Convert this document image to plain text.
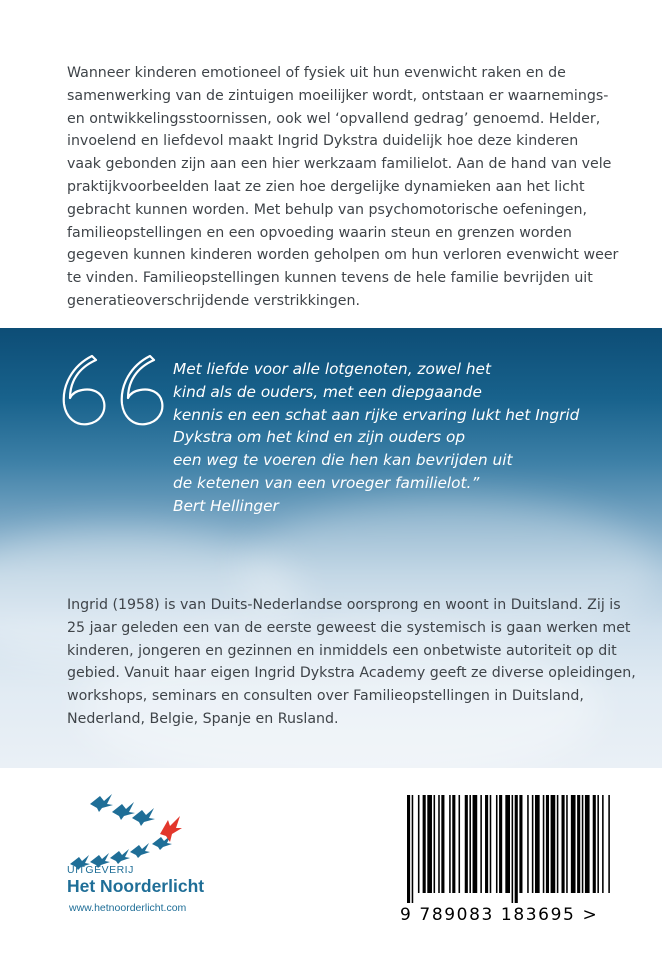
Wanneer kinderen emotioneel of fysiek uit hun evenwicht raken en de
samenwerking van de zintuigen moeilijker wordt, ontstaan er waarnemings-
en ontwikkelingsstoornissen, ook wel ‘opvallend gedrag’ genoemd. Helder,
invoelend en liefdevol maakt Ingrid Dykstra duidelijk hoe deze kinderen
vaak gebonden zijn aan een hier werkzaam familielot. Aan de hand van vele
praktijkvoorbeelden laat ze zien hoe dergelijke dynamieken aan het licht
gebracht kunnen worden. Met behulp van psychomotorische oefeningen,
familieopstellingen en een opvoeding waarin steun en grenzen worden
gegeven kunnen kinderen worden geholpen om hun verloren evenwicht weer
te vinden. Familieopstellingen kunnen tevens de hele familie bevrijden uit
generatieoverschrijdende verstrikkingen.

Met liefde voor alle lotgenoten, zowel het
kind als de ouders, met een diepgaande
kennis en een schat aan rijke ervaring lukt het Ingrid
Dykstra om het kind en zijn ouders op
een weg te voeren die hen kan bevrijden uit
de ketenen van een vroeger familielot.”
Bert Hellinger
Ingrid (1958) is van Duits-Nederlandse oorsprong en woont in Duitsland. Zij is
25 jaar geleden een van de eerste geweest die systemisch is gaan werken met
kinderen, jongeren en gezinnen en inmiddels een onbetwiste autoriteit op dit
gebied. Vanuit haar eigen Ingrid Dykstra Academy geeft ze diverse opleidingen,
workshops, seminars en consulten over Familieopstellingen in Duitsland,
Nederland, Belgie, Spanje en Rusland.
UITGEVERIJ
Het Noorderlicht
www.hetnoorderlicht.com	9 789083 183695 >
